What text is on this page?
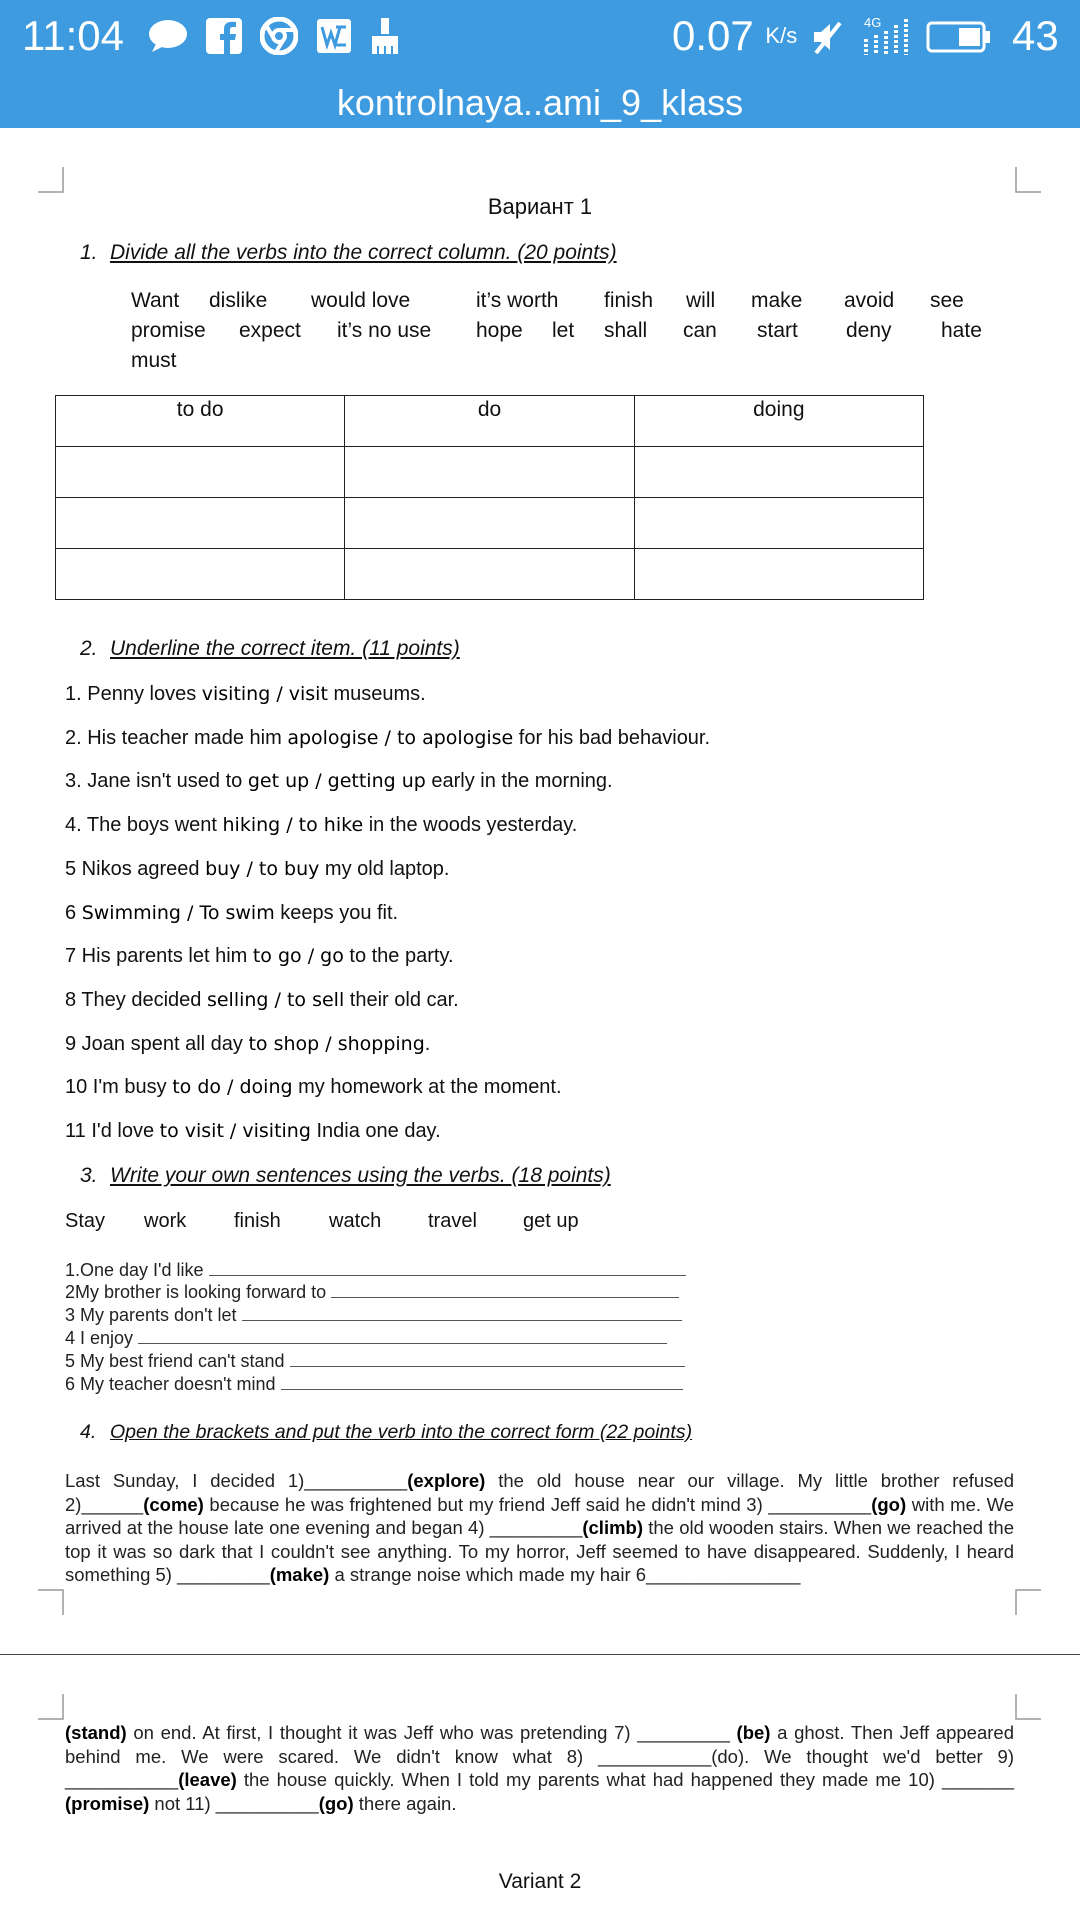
11:04	0.07 $^{K/s}$
4G	43
kontrolnaya..ami_9_klass
Вариант 1
1. Divide all the verbs into the correct column. (20 points)
Want dislike would love	it’s worth finish will make avoid see
promise expect it’s no use hope let shall can start deny hate
must
to do	do	doing

2. Underline the correct item. (11 points)
1. Penny loves visiting / visit museums.
2. His teacher made him apologise / to apologise for his bad behaviour.
3. Jane isn't used to get up / getting up early in the morning.
4. The boys went hiking / to hike in the woods yesterday.
5 Nikos agreed buy / to buy my old laptop.
6 Swimming / To swim keeps you fit.
7 His parents let him to go / go to the party.
8 They decided selling / to sell their old car.
9 Joan spent all day to shop / shopping.
10 I'm busy to do / doing my homework at the moment.
11 I'd love to visit / visiting India one day.
3. Write your own sentences using the verbs. (18 points)
Stay work finish watch travel get up
1.One day I'd like
2My brother is looking forward to
3 My parents don't let
4 I enjoy
5 My best friend can't stand
6 My teacher doesn't mind
4. Open the brackets and put the verb into the correct form (22 points)
Last Sunday, I decided 1)__________(explore) the old house near our village. My little brother refused 2)______(come) because he was frightened but my friend Jeff said he didn't mind 3) __________(go) with me. We arrived at the house late one evening and began 4) _________(climb) the old wooden stairs. When we reached the top it was so dark that I couldn't see anything. To my horror, Jeff seemed to have disappeared. Suddenly, I heard something 5) _________(make) a strange noise which made my hair 6_______________
(stand) on end. At first, I thought it was Jeff who was pretending 7) _________ (be) a ghost. Then Jeff appeared behind me. We were scared. We didn't know what 8) ___________(do). We thought we'd better 9) ___________(leave) the house quickly. When I told my parents what had happened they made me 10) _______ (promise) not 11) __________(go) there again.
Variant 2
